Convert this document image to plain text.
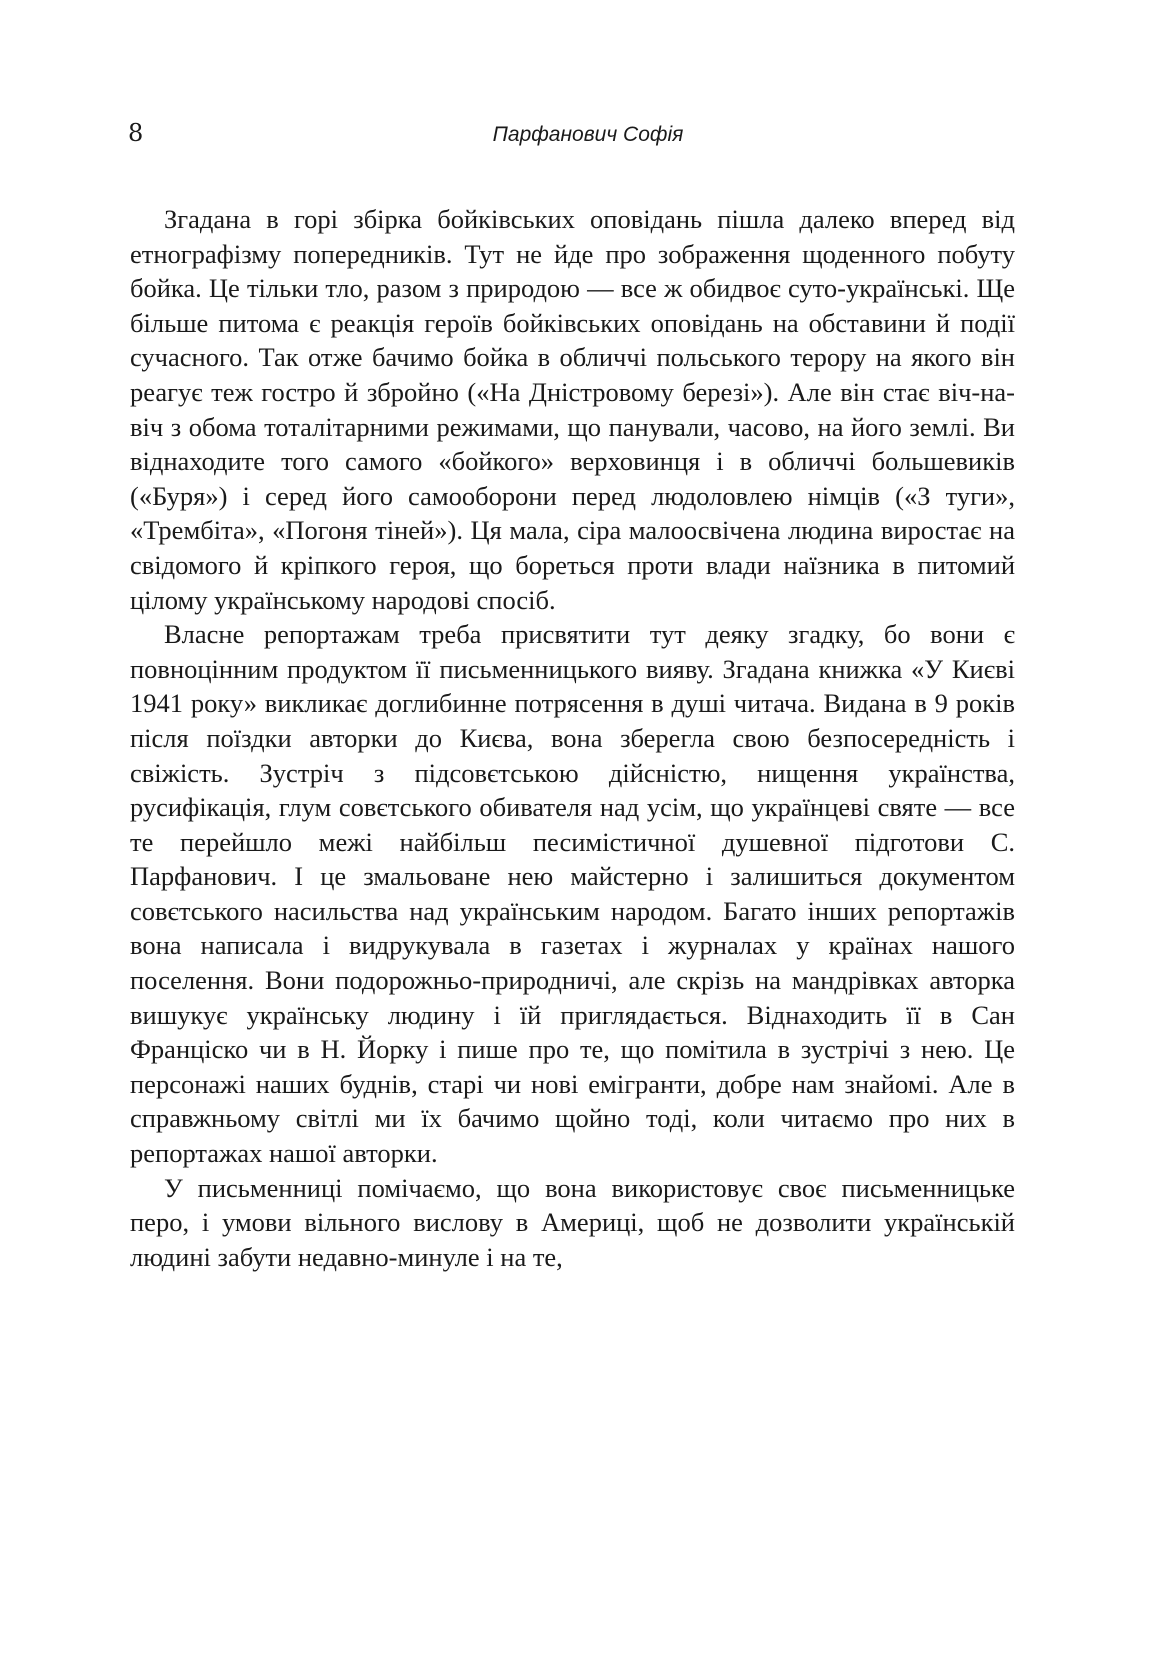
8	Парфанович Софія

Згадана в горі збірка бойківських оповідань пішла далеко вперед від етнографізму попередників. Тут не йде про зображення щоденного побуту бойка. Це тільки тло, разом з природою — все ж обидвоє суто-українські. Ще більше питома є реакція героїв бойківських оповідань на обставини й події сучасного. Так отже бачимо бойка в обличчі польського терору на якого він реагує теж гостро й збройно («На Дністровому березі»). Але він стає віч-на-віч з обома тоталітарними режимами, що панували, часово, на його землі. Ви віднаходите того самого «бойкого» верховинця і в обличчі большевиків («Буря») і серед його самооборони перед людоловлею німців («З туги», «Трембіта», «Погоня тіней»). Ця мала, сіра малоосвічена людина виростає на свідомого й кріпкого героя, що бореться проти влади наїзника в питомий цілому українському народові спосіб.

Власне репортажам треба присвятити тут деяку згадку, бо вони є повноцінним продуктом її письменницького вияву. Згадана книжка «У Києві 1941 року» викликає доглибинне потрясення в душі читача. Видана в 9 років після поїздки авторки до Києва, вона зберегла свою безпосередність і свіжість. Зустріч з підсовєтською дійсністю, нищення українства, русифікація, глум совєтського обивателя над усім, що українцеві святе — все те перейшло межі найбільш песимістичної душевної підготови С. Парфанович. І це змальоване нею майстерно і залишиться документом совєтського насильства над українським народом. Багато інших репортажів вона написала і видрукувала в газетах і журналах у країнах нашого поселення. Вони подорожньо-природничі, але скрізь на мандрівках авторка вишукує українську людину і їй приглядається. Віднаходить її в Сан Франціско чи в Н. Йорку і пише про те, що помітила в зустрічі з нею. Це персонажі наших буднів, старі чи нові емігранти, добре нам знайомі. Але в справжньому світлі ми їх бачимо щойно тоді, коли читаємо про них в репортажах нашої авторки.

У письменниці помічаємо, що вона використовує своє письменницьке перо, і умови вільного вислову в Америці, щоб не дозволити українській людині забути недавно-минуле і на те,
